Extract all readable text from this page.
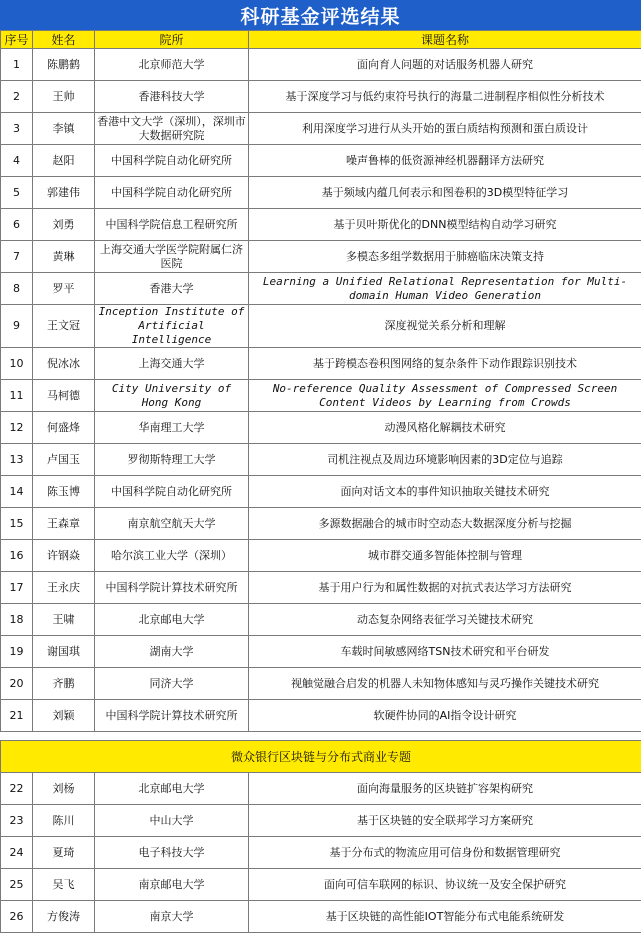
科研基金评选结果
序号	姓名	院所	课题名称
1	陈鹏鹤	北京师范大学	面向育人问题的对话服务机器人研究
2	王帅	香港科技大学	基于深度学习与低约束符号执行的海量二进制程序相似性分析技术
3	李镇	香港中文大学（深圳），深圳市大数据研究院	利用深度学习进行从头开始的蛋白质结构预测和蛋白质设计
4	赵阳	中国科学院自动化研究所	噪声鲁棒的低资源神经机器翻译方法研究
5	郭建伟	中国科学院自动化研究所	基于频域内蕴几何表示和图卷积的3D模型特征学习
6	刘勇	中国科学院信息工程研究所	基于贝叶斯优化的DNN模型结构自动学习研究
7	黄琳	上海交通大学医学院附属仁济医院	多模态多组学数据用于肺癌临床决策支持
8	罗平	香港大学	Learning a Unified Relational Representation for Multi-domain Human Video Generation
9	王文冠	Inception Institute of Artificial Intelligence	深度视觉关系分析和理解
10	倪冰冰	上海交通大学	基于跨模态卷积图网络的复杂条件下动作跟踪识别技术
11	马柯德	City University of Hong Kong	No-reference Quality Assessment of Compressed Screen Content Videos by Learning from Crowds
12	何盛烽	华南理工大学	动漫风格化解耦技术研究
13	卢国玉	罗彻斯特理工大学	司机注视点及周边环境影响因素的3D定位与追踪
14	陈玉博	中国科学院自动化研究所	面向对话文本的事件知识抽取关键技术研究
15	王森章	南京航空航天大学	多源数据融合的城市时空动态大数据深度分析与挖掘
16	许钢焱	哈尔滨工业大学（深圳）	城市群交通多智能体控制与管理
17	王永庆	中国科学院计算技术研究所	基于用户行为和属性数据的对抗式表达学习方法研究
18	王啸	北京邮电大学	动态复杂网络表征学习关键技术研究
19	谢国琪	湖南大学	车载时间敏感网络TSN技术研究和平台研发
20	齐鹏	同济大学	视触觉融合启发的机器人未知物体感知与灵巧操作关键技术研究
21	刘颖	中国科学院计算技术研究所	软硬件协同的AI指令设计研究

微众银行区块链与分布式商业专题			
22	刘杨	北京邮电大学	面向海量服务的区块链扩容架构研究
23	陈川	中山大学	基于区块链的安全联邦学习方案研究
24	夏琦	电子科技大学	基于分布式的物流应用可信身份和数据管理研究
25	吴飞	南京邮电大学	面向可信车联网的标识、协议统一及安全保护研究
26	方俊涛	南京大学	基于区块链的高性能IOT智能分布式电能系统研发
